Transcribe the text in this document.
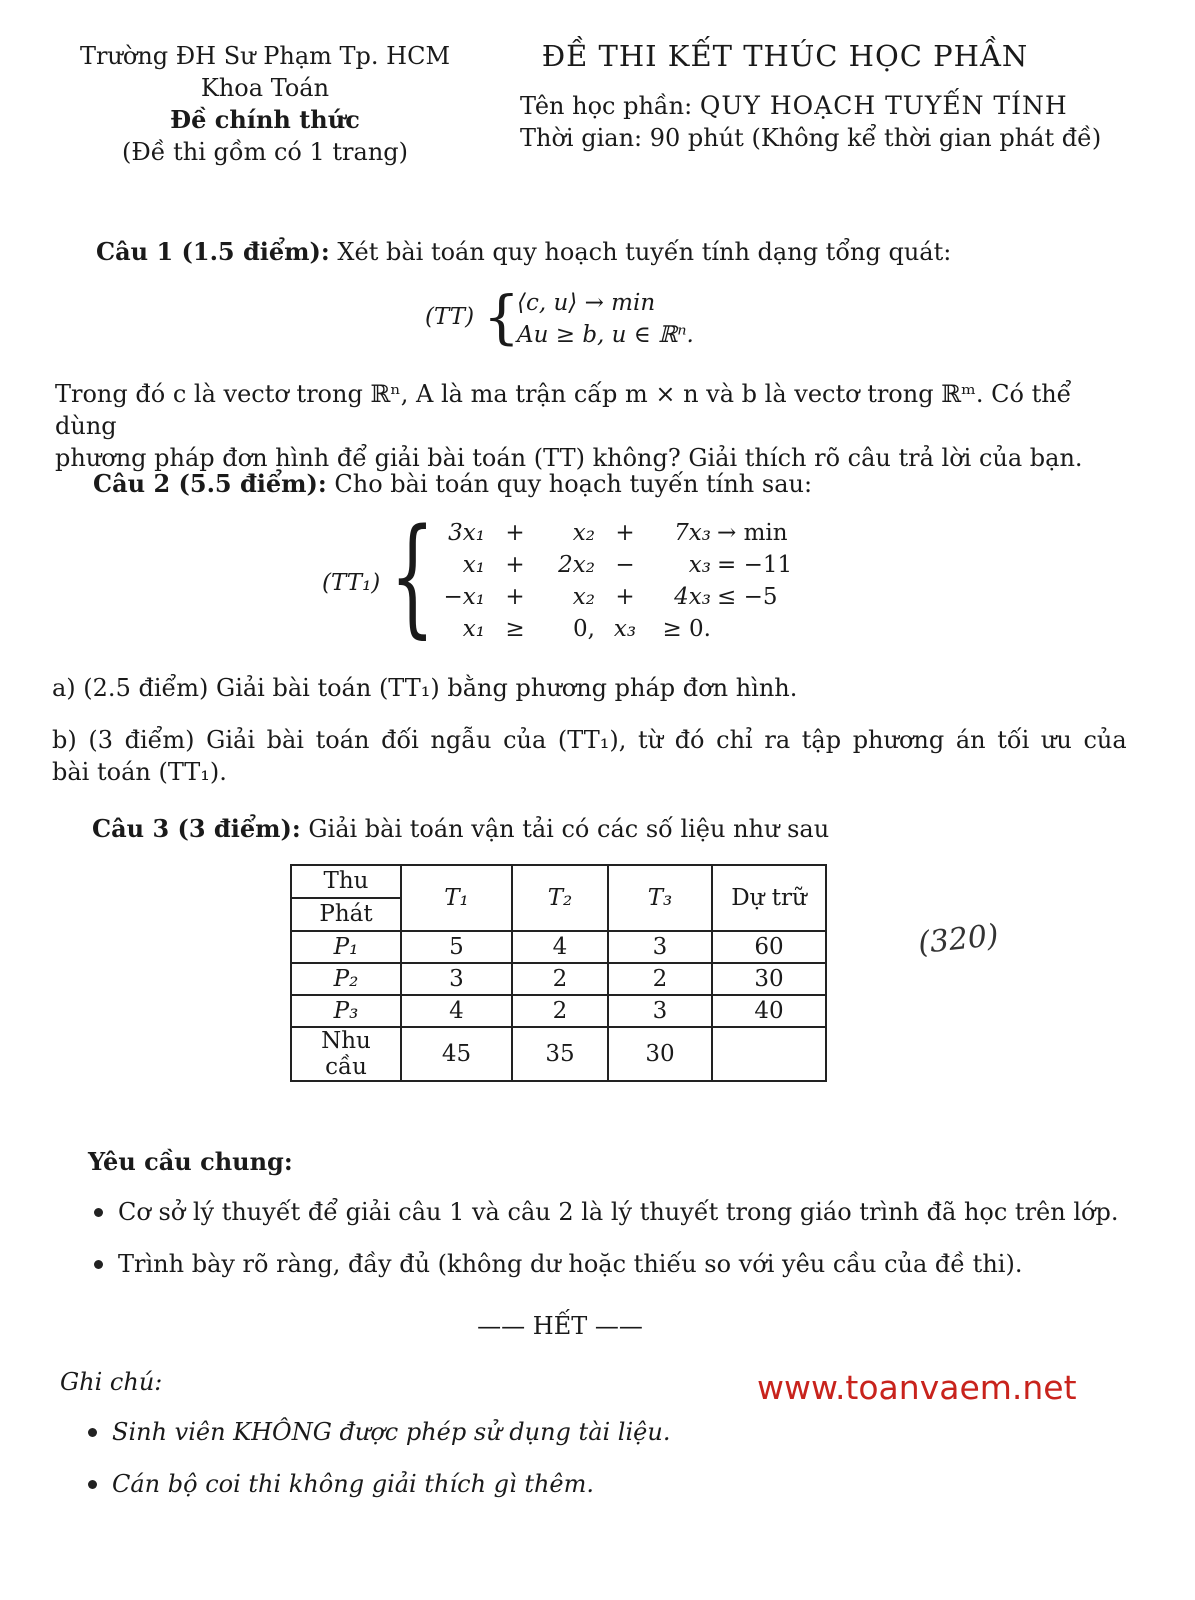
Trường ĐH Sư Phạm Tp. HCM
Khoa Toán
Đề chính thức
(Đề thi gồm có 1 trang)
ĐỀ THI KẾT THÚC HỌC PHẦN
Tên học phần: QUY HOẠCH TUYẾN TÍNH
Thời gian: 90 phút (Không kể thời gian phát đề)
Câu 1 (1.5 điểm): Xét bài toán quy hoạch tuyến tính dạng tổng quát:
(TT) {
⟨c, u⟩ → min
Au ≥ b, u ∈ ℝⁿ.
Trong đó c là vectơ trong ℝⁿ, A là ma trận cấp m × n và b là vectơ trong ℝᵐ. Có thể dùng
phương pháp đơn hình để giải bài toán (TT) không? Giải thích rõ câu trả lời của bạn.
Câu 2 (5.5 điểm): Cho bài toán quy hoạch tuyến tính sau:
(TT₁) { 3x₁ +	x₂ +	7x₃ → min
x₁ +	2x₂ −	x₃ = −11
−x₁ +	x₂ +	4x₃ ≤ −5
x₁ ≥	0, x₃	≥ 0.
a) (2.5 điểm) Giải bài toán (TT₁) bằng phương pháp đơn hình.
b) (3 điểm) Giải bài toán đối ngẫu của (TT₁), từ đó chỉ ra tập phương án tối ưu của
bài toán (TT₁).
Câu 3 (3 điểm): Giải bài toán vận tải có các số liệu như sau
Thu
Phát	T₁	T₂	T₃	Dự trữ
P₁	5	4	3	60
P₂	3	2	2	30
P₃	4	2	3	40
Nhu cầu	45	35	30	
(320)
Yêu cầu chung:
Cơ sở lý thuyết để giải câu 1 và câu 2 là lý thuyết trong giáo trình đã học trên lớp.
Trình bày rõ ràng, đầy đủ (không dư hoặc thiếu so với yêu cầu của đề thi).
—— HẾT ——
Ghi chú:
Sinh viên KHÔNG được phép sử dụng tài liệu.
Cán bộ coi thi không giải thích gì thêm.
www.toanvaem.net
